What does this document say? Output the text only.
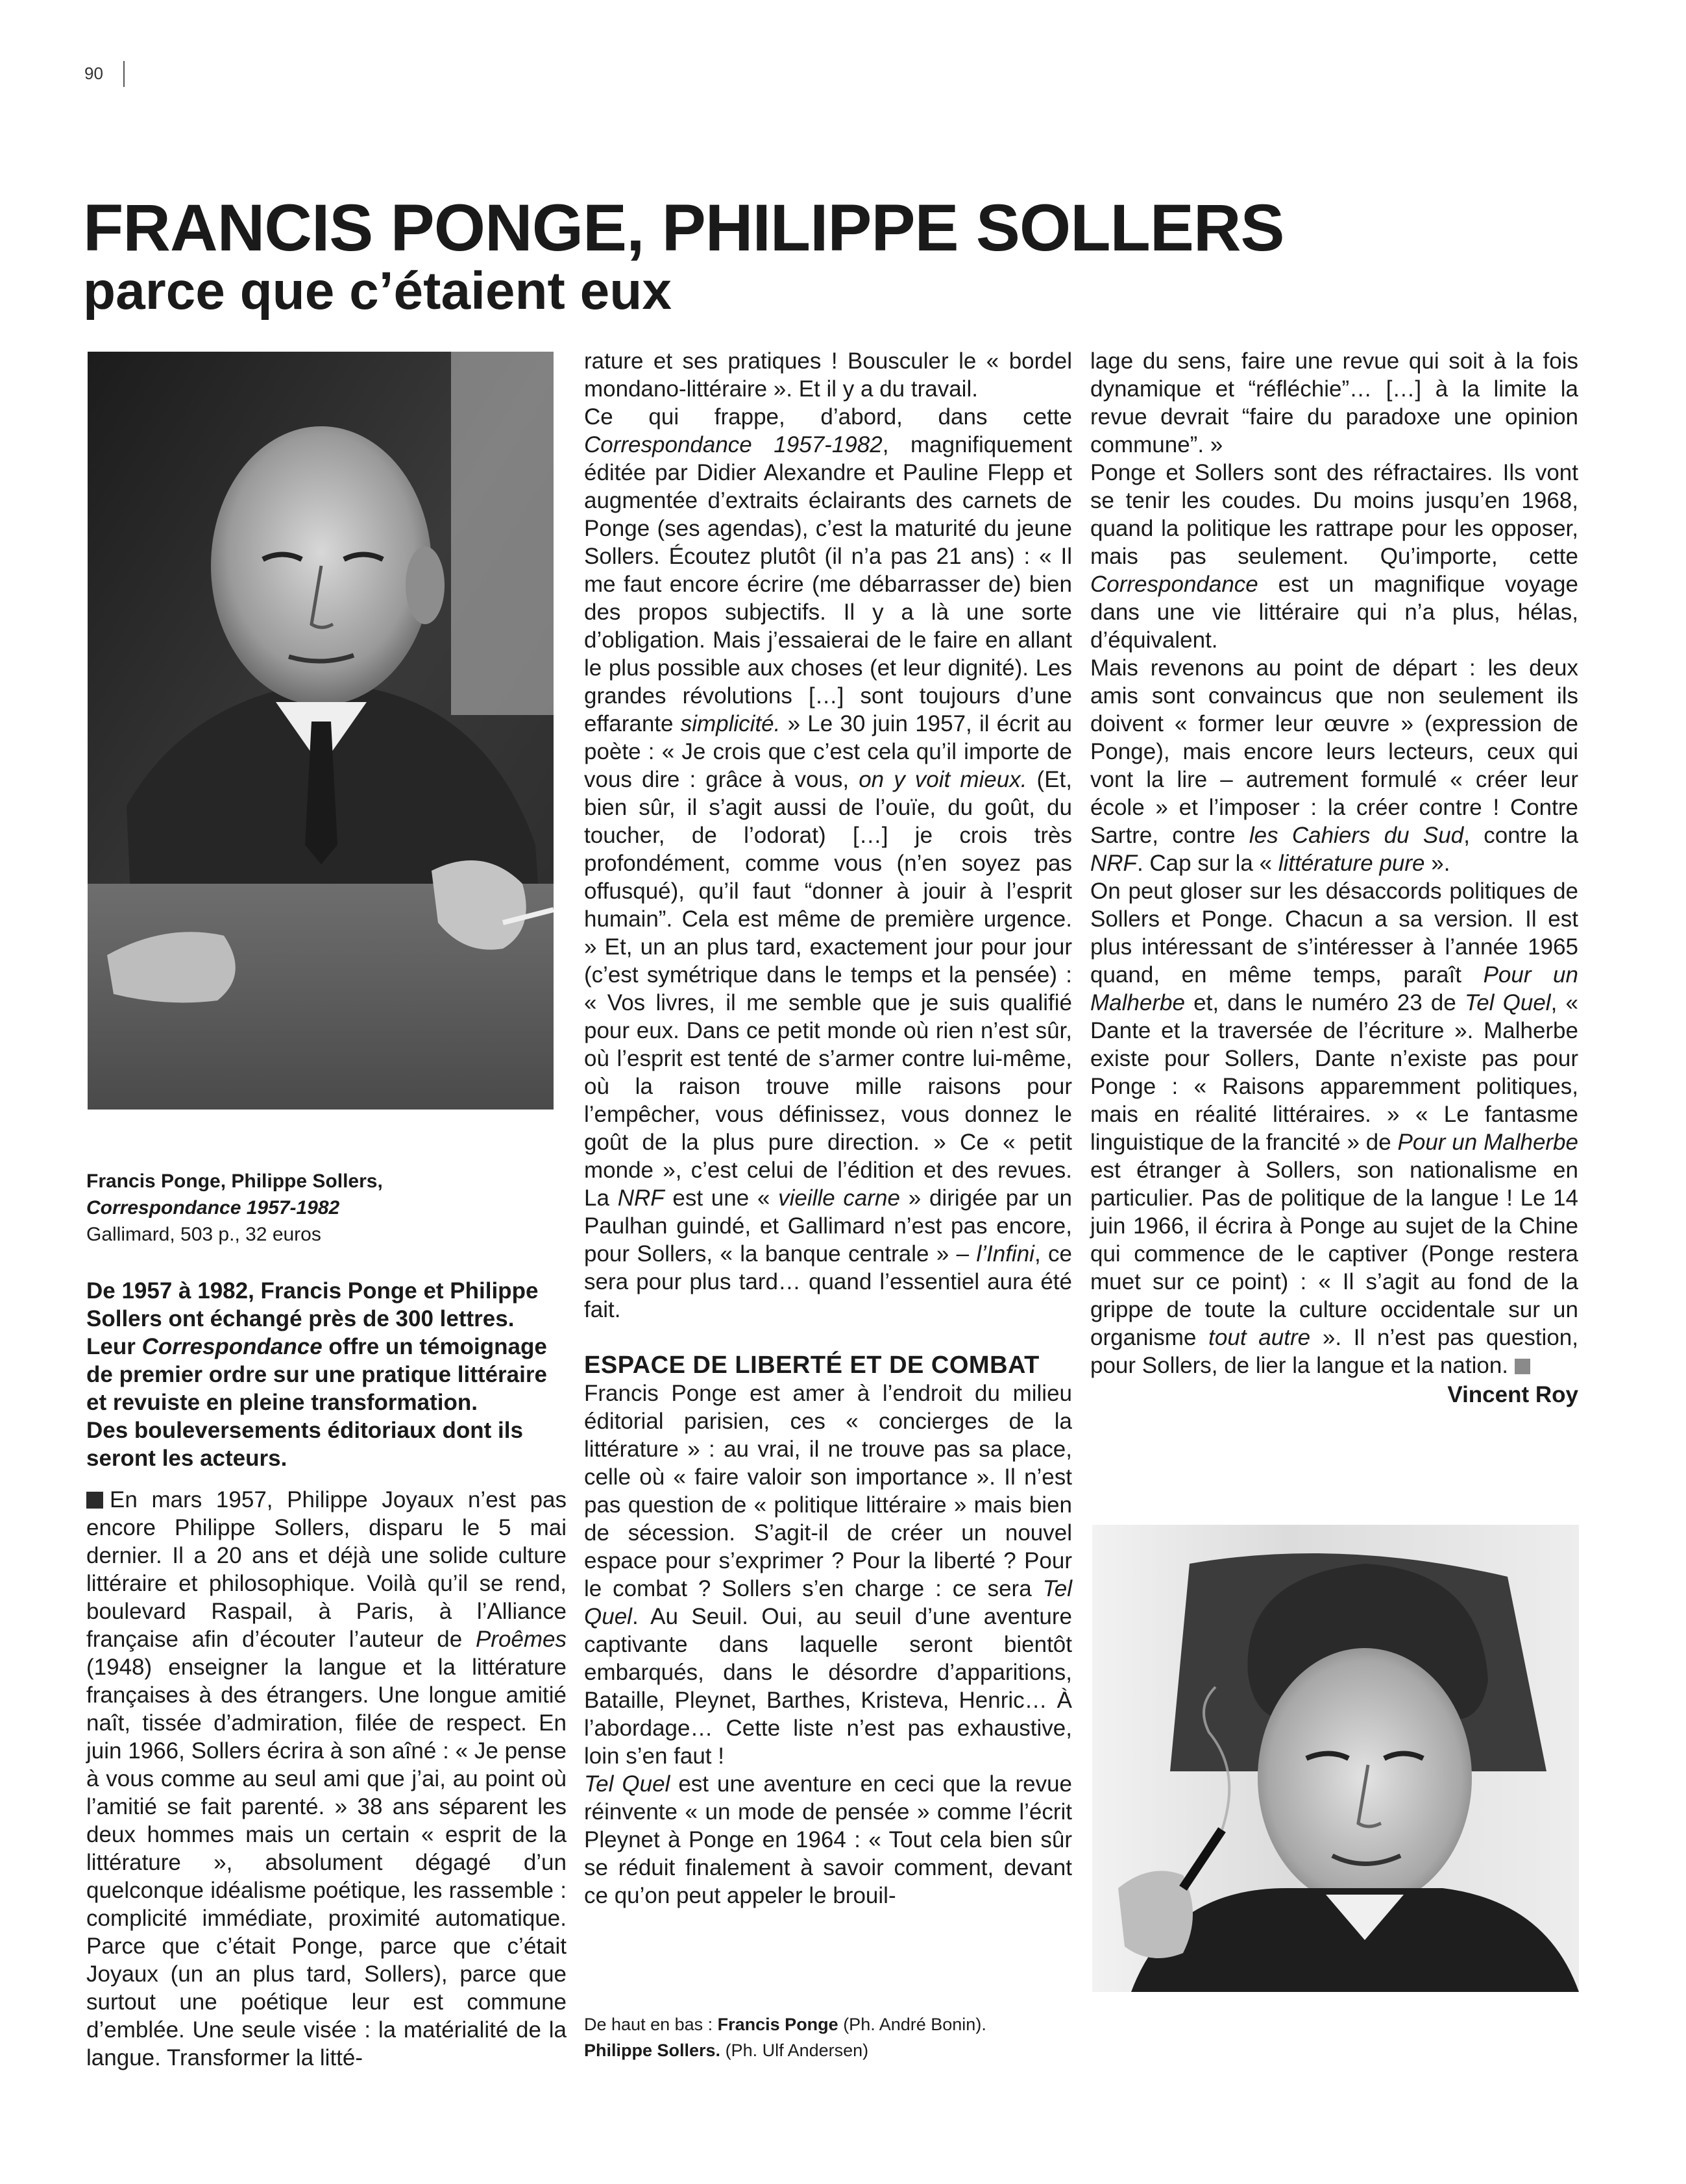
90
FRANCIS PONGE, PHILIPPE SOLLERS
parce que c’étaient eux
Francis Ponge, Philippe Sollers,
Correspondance 1957-1982
Gallimard, 503 p., 32 euros

De 1957 à 1982, Francis Ponge et Philippe Sollers ont échangé près de 300 lettres. Leur Correspondance offre un témoignage de premier ordre sur une pratique littéraire et revuiste en pleine transformation.

Des bouleversements éditoriaux dont ils seront les acteurs.

En mars 1957, Philippe Joyaux n’est pas encore Philippe Sollers, disparu le 5 mai dernier. Il a 20 ans et déjà une solide culture littéraire et philosophique. Voilà qu’il se rend, boulevard Raspail, à Paris, à l’Alliance française afin d’écouter l’auteur de Proêmes (1948) enseigner la langue et la littérature françaises à des étrangers. Une longue amitié naît, tissée d’admiration, filée de respect. En juin 1966, Sollers écrira à son aîné : « Je pense à vous comme au seul ami que j’ai, au point où l’amitié se fait parenté. » 38 ans séparent les deux hommes mais un certain « esprit de la littérature », absolument dégagé d’un quelconque idéalisme poétique, les rassemble : complicité immédiate, proximité automatique. Parce que c’était Ponge, parce que c’était Joyaux (un an plus tard, Sollers), parce que surtout une poétique leur est commune d’emblée. Une seule visée : la matérialité de la langue. Transformer la litté-

rature et ses pratiques ! Bousculer le « bordel mondano-littéraire ». Et il y a du travail.

Ce qui frappe, d’abord, dans cette Correspondance 1957-1982, magnifiquement éditée par Didier Alexandre et Pauline Flepp et augmentée d’extraits éclairants des carnets de Ponge (ses agendas), c’est la maturité du jeune Sollers. Écoutez plutôt (il n’a pas 21 ans) : « Il me faut encore écrire (me débarrasser de) bien des propos subjectifs. Il y a là une sorte d’obligation. Mais j’essaierai de le faire en allant le plus possible aux choses (et leur dignité). Les grandes révolutions […] sont toujours d’une effarante simplicité. » Le 30 juin 1957, il écrit au poète : « Je crois que c’est cela qu’il importe de vous dire : grâce à vous, on y voit mieux. (Et, bien sûr, il s’agit aussi de l’ouïe, du goût, du toucher, de l’odorat) […] je crois très profondément, comme vous (n’en soyez pas offusqué), qu’il faut “donner à jouir à l’esprit humain”. Cela est même de première urgence. » Et, un an plus tard, exactement jour pour jour (c’est symétrique dans le temps et la pensée) : « Vos livres, il me semble que je suis qualifié pour eux. Dans ce petit monde où rien n’est sûr, où l’esprit est tenté de s’armer contre lui-même, où la raison trouve mille raisons pour l’empêcher, vous définissez, vous donnez le goût de la plus pure direction. » Ce « petit monde », c’est celui de l’édition et des revues. La NRF est une « vieille carne » dirigée par un Paulhan guindé, et Gallimard n’est pas encore, pour Sollers, « la banque centrale » – l’Infini, ce sera pour plus tard… quand l’essentiel aura été fait.

ESPACE DE LIBERTÉ ET DE COMBAT

Francis Ponge est amer à l’endroit du milieu éditorial parisien, ces « concierges de la littérature » : au vrai, il ne trouve pas sa place, celle où « faire valoir son importance ». Il n’est pas question de « politique littéraire » mais bien de sécession. S’agit-il de créer un nouvel espace pour s’exprimer ? Pour la liberté ? Pour le combat ? Sollers s’en charge : ce sera Tel Quel. Au Seuil. Oui, au seuil d’une aventure captivante dans laquelle seront bientôt embarqués, dans le désordre d’apparitions, Bataille, Pleynet, Barthes, Kristeva, Henric… À l’abordage… Cette liste n’est pas exhaustive, loin s’en faut !

Tel Quel est une aventure en ceci que la revue réinvente « un mode de pensée » comme l’écrit Pleynet à Ponge en 1964 : « Tout cela bien sûr se réduit finalement à savoir comment, devant ce qu’on peut appeler le brouil-

lage du sens, faire une revue qui soit à la fois dynamique et “réfléchie”… […] à la limite la revue devrait “faire du paradoxe une opinion commune”. »

Ponge et Sollers sont des réfractaires. Ils vont se tenir les coudes. Du moins jusqu’en 1968, quand la politique les rattrape pour les opposer, mais pas seulement. Qu’importe, cette Correspondance est un magnifique voyage dans une vie littéraire qui n’a plus, hélas, d’équivalent.

Mais revenons au point de départ : les deux amis sont convaincus que non seulement ils doivent « former leur œuvre » (expression de Ponge), mais encore leurs lecteurs, ceux qui vont la lire – autrement formulé « créer leur école » et l’imposer : la créer contre ! Contre Sartre, contre les Cahiers du Sud, contre la NRF. Cap sur la « littérature pure ».

On peut gloser sur les désaccords politiques de Sollers et Ponge. Chacun a sa version. Il est plus intéressant de s’intéresser à l’année 1965 quand, en même temps, paraît Pour un Malherbe et, dans le numéro 23 de Tel Quel, « Dante et la traversée de l’écriture ». Malherbe existe pour Sollers, Dante n’existe pas pour Ponge : « Raisons apparemment politiques, mais en réalité littéraires. » « Le fantasme linguistique de la francité » de Pour un Malherbe est étranger à Sollers, son nationalisme en particulier. Pas de politique de la langue ! Le 14 juin 1966, il écrira à Ponge au sujet de la Chine qui commence de le captiver (Ponge restera muet sur ce point) : « Il s’agit au fond de la grippe de toute la culture occidentale sur un organisme tout autre ». Il n’est pas question, pour Sollers, de lier la langue et la nation.

Vincent Roy
De haut en bas : Francis Ponge (Ph. André Bonin).
Philippe Sollers. (Ph. Ulf Andersen)
